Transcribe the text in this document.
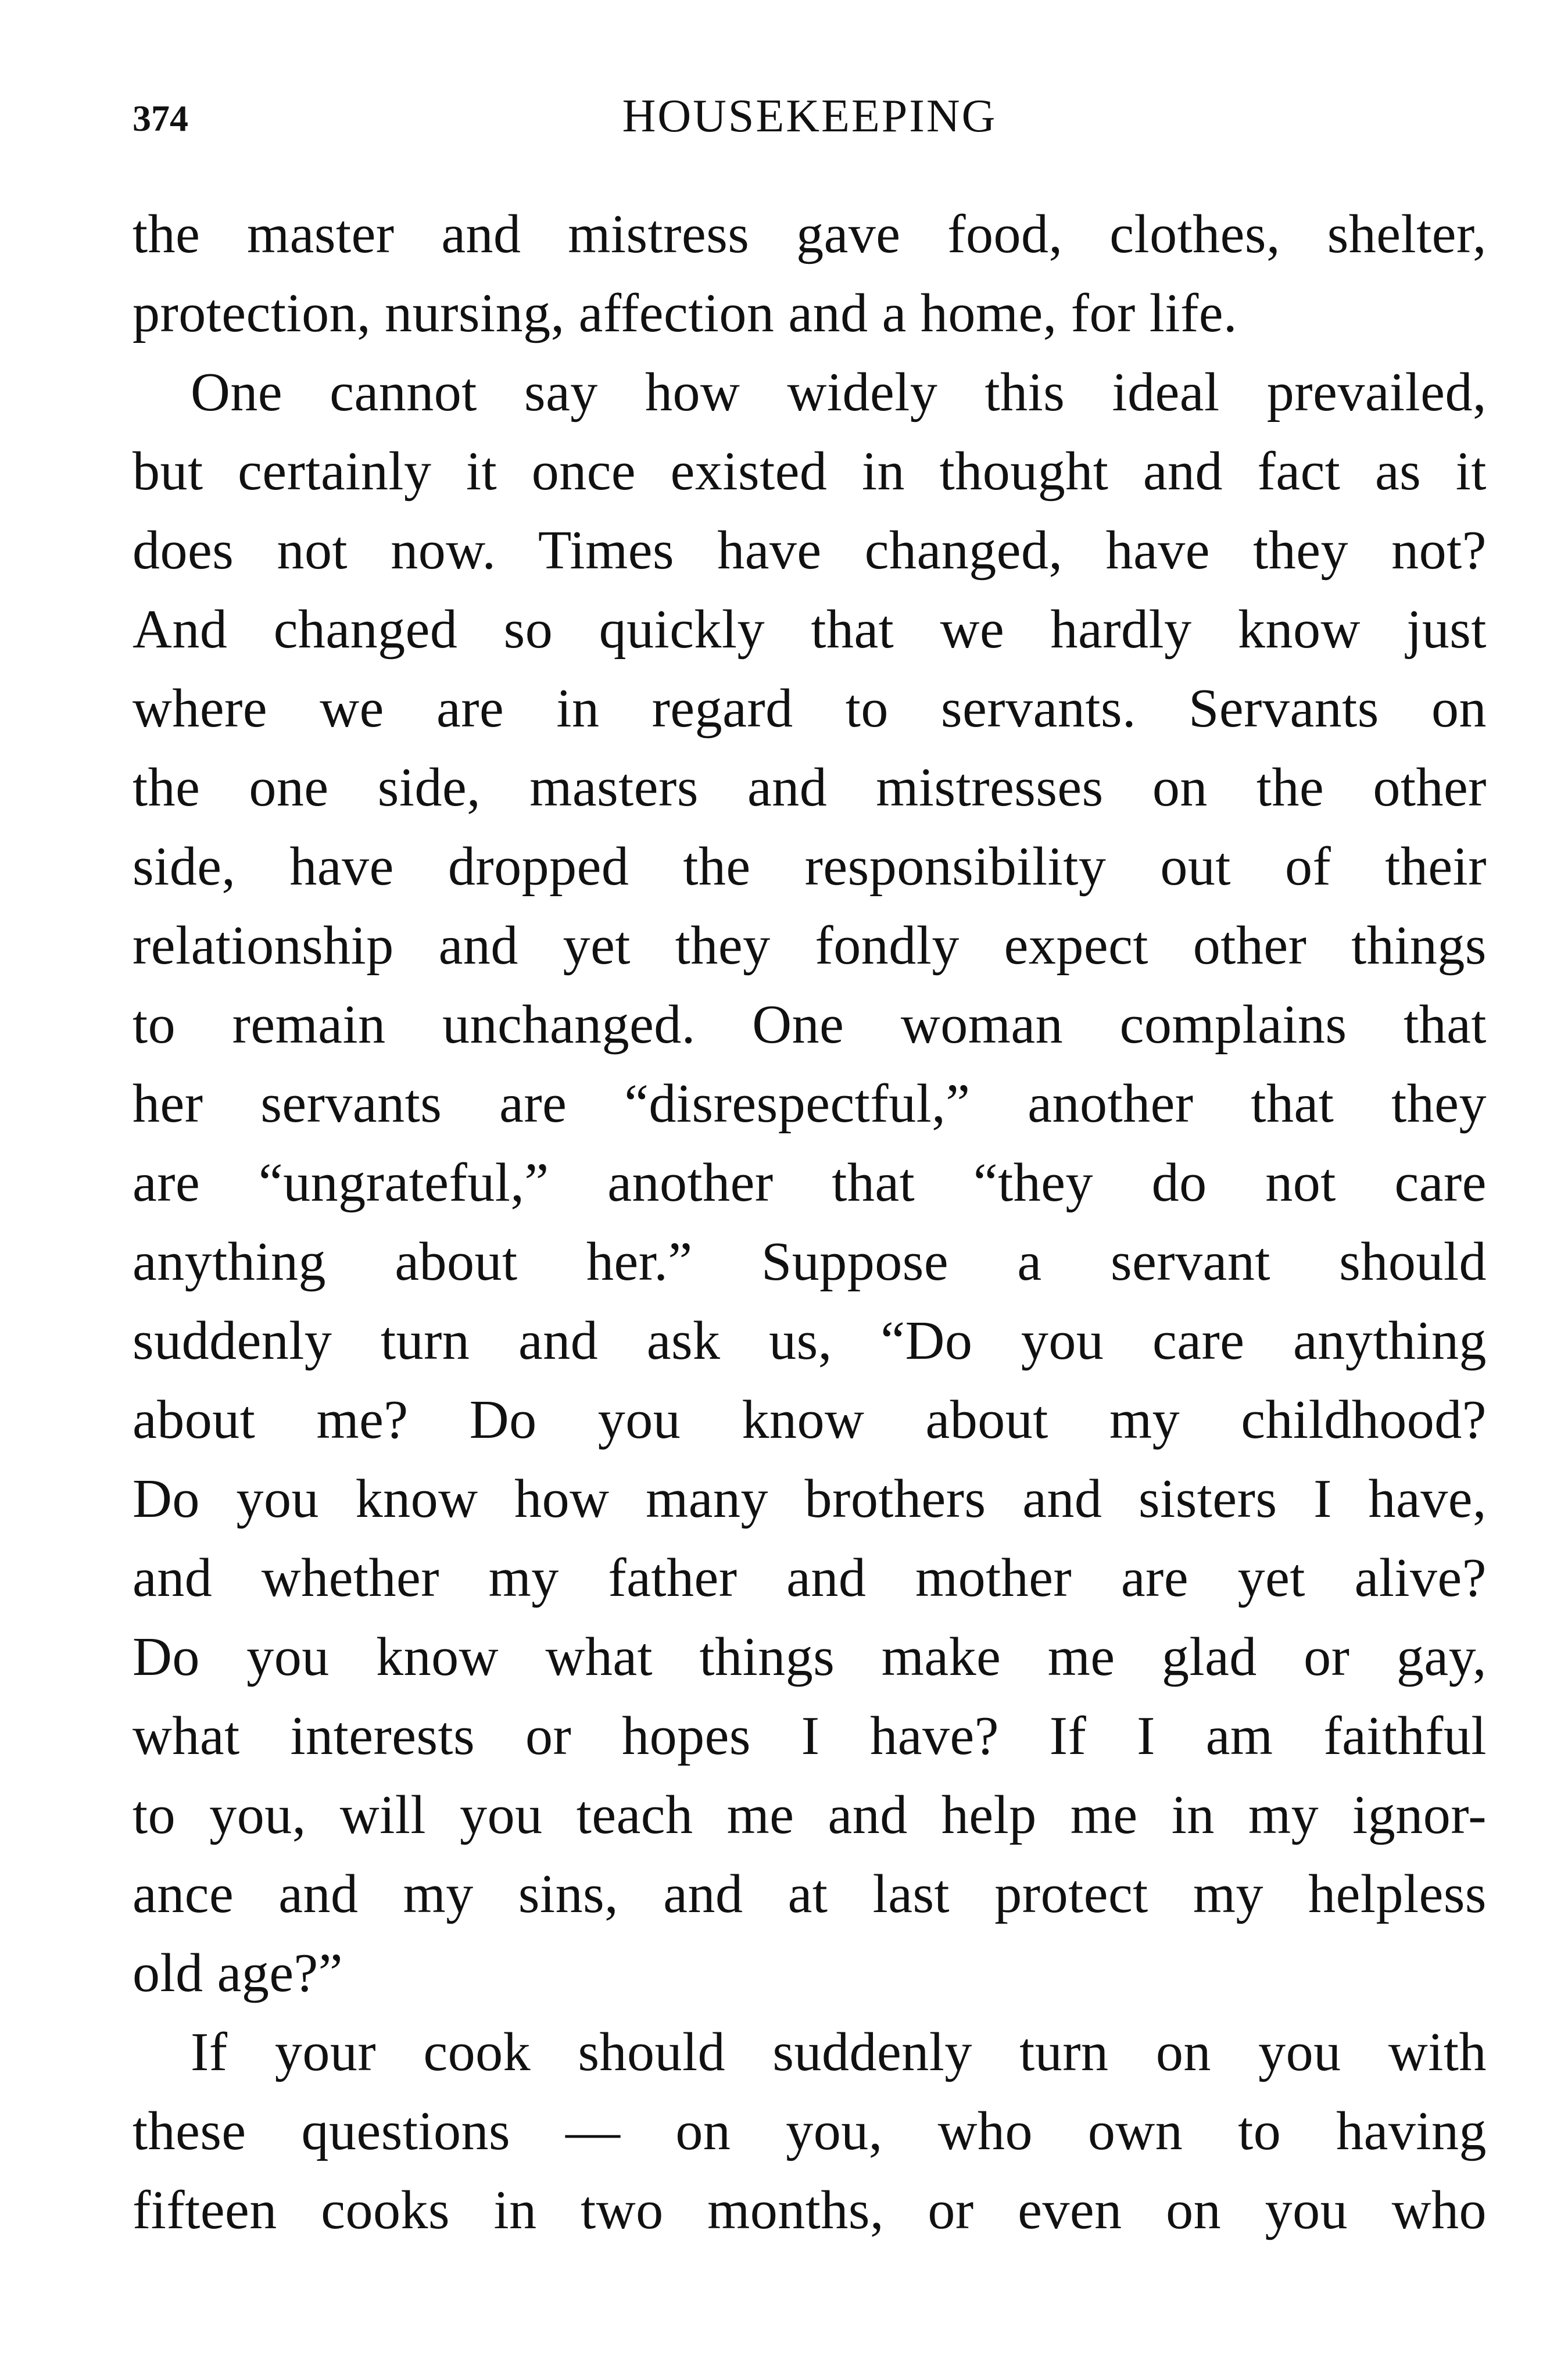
374	HOUSEKEEPING
the master and mistress gave food, clothes, shelter,
protection, nursing, affection and a home, for life.
One cannot say how widely this ideal prevailed,
but certainly it once existed in thought and fact as it
does not now. Times have changed, have they not?
And changed so quickly that we hardly know just
where we are in regard to servants. Servants on
the one side, masters and mistresses on the other
side, have dropped the responsibility out of their
relationship and yet they fondly expect other things
to remain unchanged. One woman complains that
her servants are “disrespectful,” another that they
are “ungrateful,” another that “they do not care
anything about her.” Suppose a servant should
suddenly turn and ask us, “Do you care anything
about me? Do you know about my childhood?
Do you know how many brothers and sisters I have,
and whether my father and mother are yet alive?
Do you know what things make me glad or gay,
what interests or hopes I have? If I am faithful
to you, will you teach me and help me in my ignor-
ance and my sins, and at last protect my helpless
old age?”
If your cook should suddenly turn on you with
these questions — on you, who own to having
fifteen cooks in two months, or even on you who
